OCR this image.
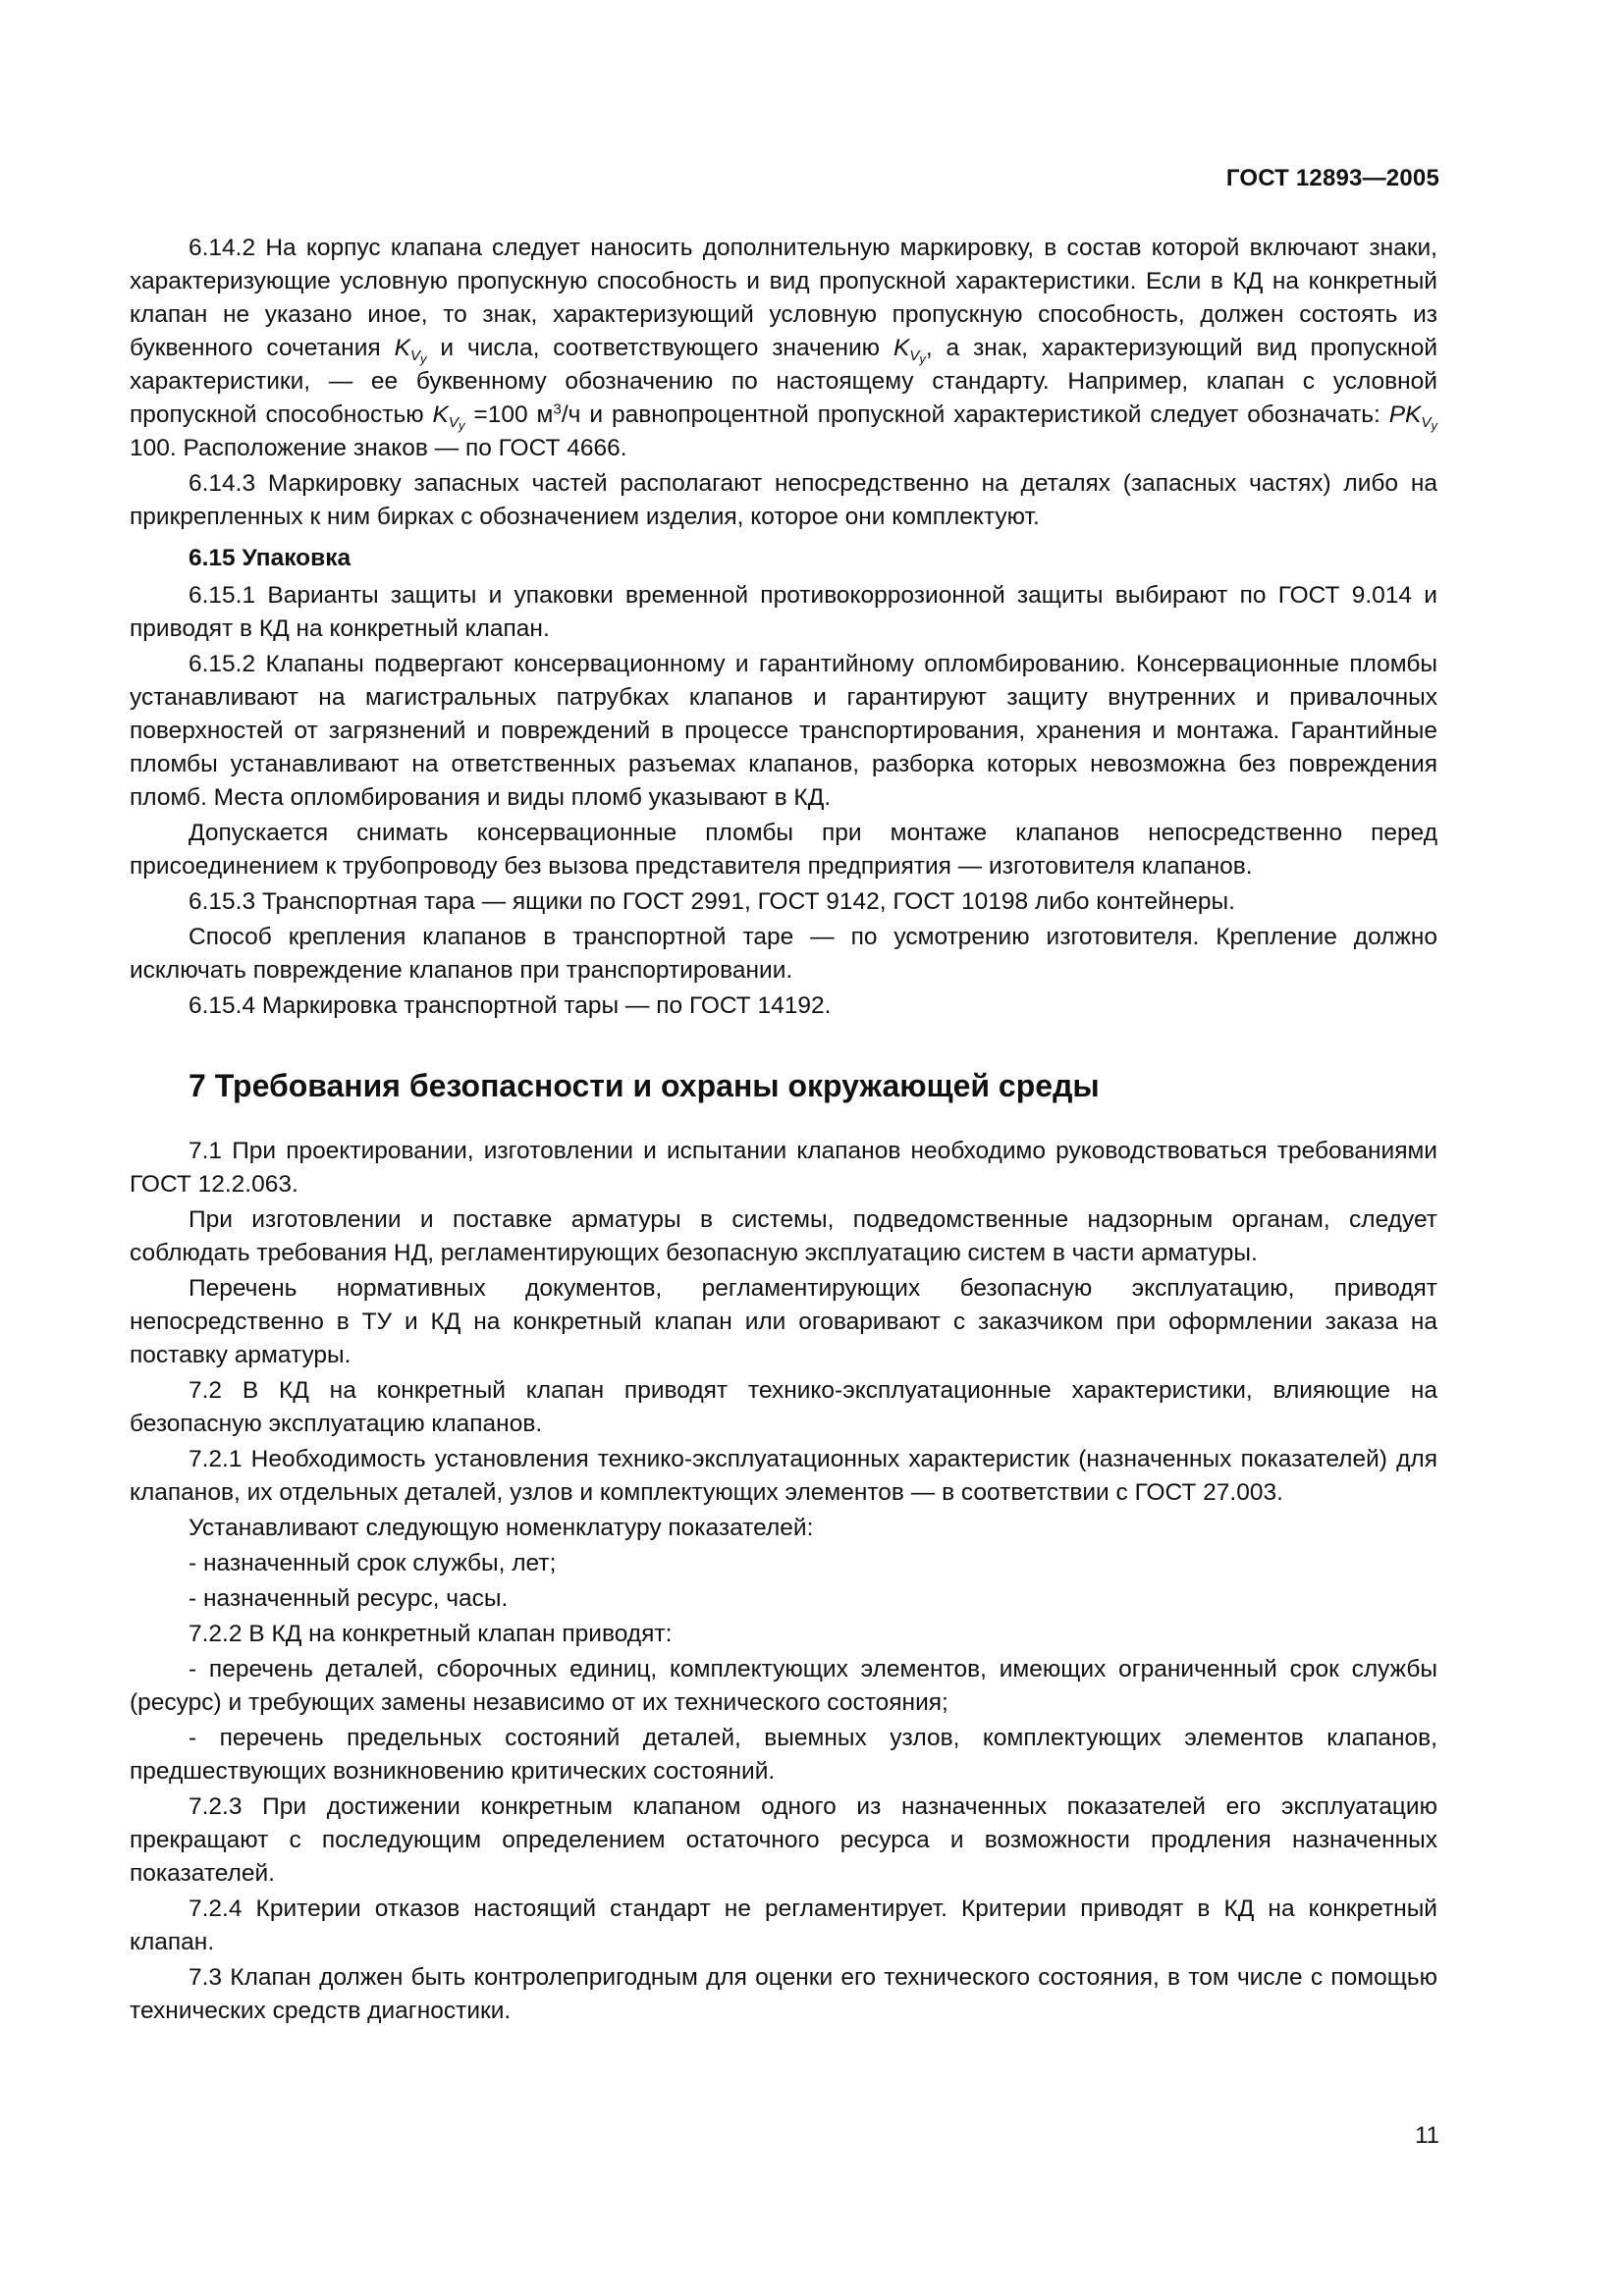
ГОСТ 12893—2005

6.14.2 На корпус клапана следует наносить дополнительную маркировку, в состав которой включают знаки, характеризующие условную пропускную способность и вид пропускной характеристики. Если в КД на конкретный клапан не указано иное, то знак, характеризующий условную пропускную способность, должен состоять из буквенного сочетания $K_{V_y}$ и числа, соответствующего значению $K_{V_y}$, а знак, характеризующий вид пропускной характеристики, — ее буквенному обозначению по настоящему стандарту. Например, клапан с условной пропускной способностью $K_{V_y} =100$ $м^3/ч$ и равнопроцентной пропускной характеристикой следует обозначать: $PK_{V_y}$ 100. Расположение знаков — по ГОСТ 4666.

6.14.3 Маркировку запасных частей располагают непосредственно на деталях (запасных частях) либо на прикрепленных к ним бирках с обозначением изделия, которое они комплектуют.

6.15 Упаковка

6.15.1 Варианты защиты и упаковки временной противокоррозионной защиты выбирают по ГОСТ 9.014 и приводят в КД на конкретный клапан.

6.15.2 Клапаны подвергают консервационному и гарантийному опломбированию. Консервационные пломбы устанавливают на магистральных патрубках клапанов и гарантируют защиту внутренних и привалочных поверхностей от загрязнений и повреждений в процессе транспортирования, хранения и монтажа. Гарантийные пломбы устанавливают на ответственных разъемах клапанов, разборка которых невозможна без повреждения пломб. Места опломбирования и виды пломб указывают в КД.

Допускается снимать консервационные пломбы при монтаже клапанов непосредственно перед присоединением к трубопроводу без вызова представителя предприятия — изготовителя клапанов.

6.15.3 Транспортная тара — ящики по ГОСТ 2991, ГОСТ 9142, ГОСТ 10198 либо контейнеры.

Способ крепления клапанов в транспортной таре — по усмотрению изготовителя. Крепление должно исключать повреждение клапанов при транспортировании.

6.15.4 Маркировка транспортной тары — по ГОСТ 14192.

7 Требования безопасности и охраны окружающей среды

7.1 При проектировании, изготовлении и испытании клапанов необходимо руководствоваться требованиями ГОСТ 12.2.063.

При изготовлении и поставке арматуры в системы, подведомственные надзорным органам, следует соблюдать требования НД, регламентирующих безопасную эксплуатацию систем в части арматуры.

Перечень нормативных документов, регламентирующих безопасную эксплуатацию, приводят непосредственно в ТУ и КД на конкретный клапан или оговаривают с заказчиком при оформлении заказа на поставку арматуры.

7.2 В КД на конкретный клапан приводят технико-эксплуатационные характеристики, влияющие на безопасную эксплуатацию клапанов.

7.2.1 Необходимость установления технико-эксплуатационных характеристик (назначенных показателей) для клапанов, их отдельных деталей, узлов и комплектующих элементов — в соответствии с ГОСТ 27.003.

Устанавливают следующую номенклатуру показателей:

- назначенный срок службы, лет;

- назначенный ресурс, часы.

7.2.2 В КД на конкретный клапан приводят:

- перечень деталей, сборочных единиц, комплектующих элементов, имеющих ограниченный срок службы (ресурс) и требующих замены независимо от их технического состояния;

- перечень предельных состояний деталей, выемных узлов, комплектующих элементов клапанов, предшествующих возникновению критических состояний.

7.2.3 При достижении конкретным клапаном одного из назначенных показателей его эксплуатацию прекращают с последующим определением остаточного ресурса и возможности продления назначенных показателей.

7.2.4 Критерии отказов настоящий стандарт не регламентирует. Критерии приводят в КД на конкретный клапан.

7.3 Клапан должен быть контролепригодным для оценки его технического состояния, в том числе с помощью технических средств диагностики.

11
